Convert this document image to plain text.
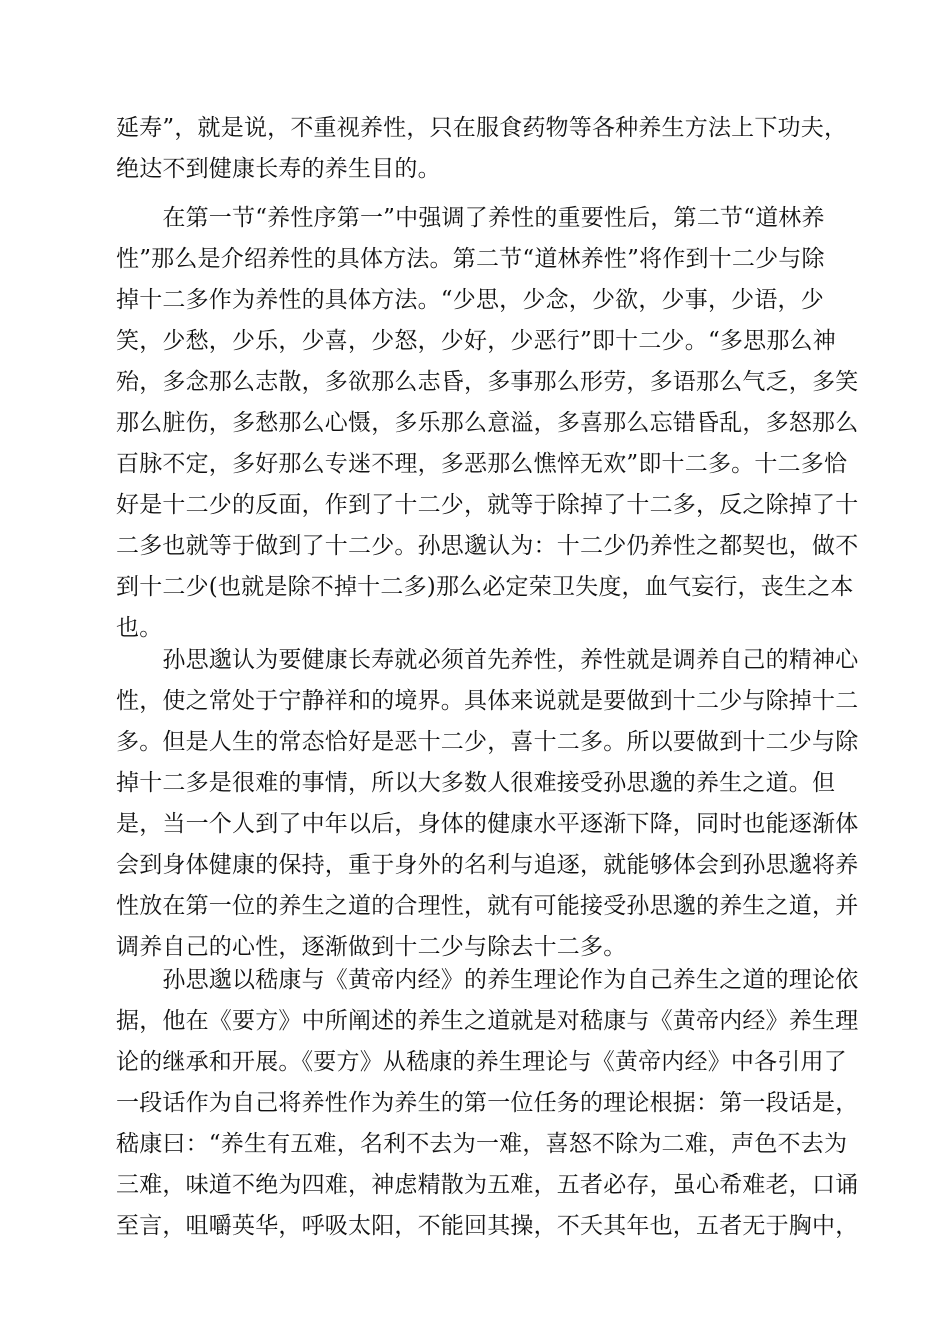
延寿”，就是说，不重视养性，只在服食药物等各种养生方法上下功夫，
绝达不到健康长寿的养生目的。
　　在第一节“养性序第一”中强调了养性的重要性后，第二节“道林养
性”那么是介绍养性的具体方法。第二节“道林养性”将作到十二少与除
掉十二多作为养性的具体方法。“少思，少念，少欲，少事，少语，少
笑，少愁，少乐，少喜，少怒，少好，少恶行”即十二少。“多思那么神
殆，多念那么志散，多欲那么志昏，多事那么形劳，多语那么气乏，多笑
那么脏伤，多愁那么心慑，多乐那么意溢，多喜那么忘错昏乱，多怒那么
百脉不定，多好那么专迷不理，多恶那么憔悴无欢”即十二多。十二多恰
好是十二少的反面，作到了十二少，就等于除掉了十二多，反之除掉了十
二多也就等于做到了十二少。孙思邈认为：十二少仍养性之都契也，做不
到十二少(也就是除不掉十二多)那么必定荣卫失度，血气妄行，丧生之本
也。
　　孙思邈认为要健康长寿就必须首先养性，养性就是调养自己的精神心
性，使之常处于宁静祥和的境界。具体来说就是要做到十二少与除掉十二
多。但是人生的常态恰好是恶十二少，喜十二多。所以要做到十二少与除
掉十二多是很难的事情，所以大多数人很难接受孙思邈的养生之道。但
是，当一个人到了中年以后，身体的健康水平逐渐下降，同时也能逐渐体
会到身体健康的保持，重于身外的名利与追逐，就能够体会到孙思邈将养
性放在第一位的养生之道的合理性，就有可能接受孙思邈的养生之道，并
调养自己的心性，逐渐做到十二少与除去十二多。
　　孙思邈以嵇康与《黄帝内经》的养生理论作为自己养生之道的理论依
据，他在《要方》中所阐述的养生之道就是对嵇康与《黄帝内经》养生理
论的继承和开展。《要方》从嵇康的养生理论与《黄帝内经》中各引用了
一段话作为自己将养性作为养生的第一位任务的理论根据：第一段话是，
嵇康曰：“养生有五难，名利不去为一难，喜怒不除为二难，声色不去为
三难，味道不绝为四难，神虑精散为五难，五者必存，虽心希难老，口诵
至言，咀嚼英华，呼吸太阳，不能回其操，不夭其年也，五者无于胸中，
